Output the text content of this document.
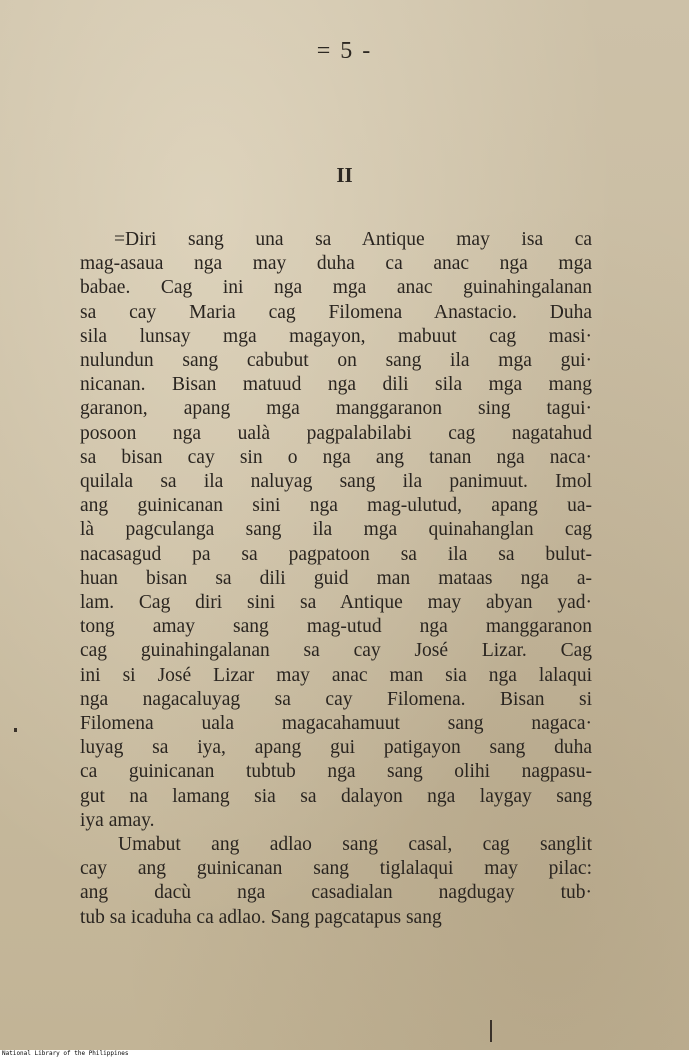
= 5 -
II
=Diri sang una sa Antique may isa ca
mag-asaua nga may duha ca anac nga mga
babae. Cag ini nga mga anac guinahingalanan
sa cay Maria cag Filomena Anastacio. Duha
sila lunsay mga magayon, mabuut cag masi·
nulundun sang cabubut on sang ila mga gui·
nicanan. Bisan matuud nga dili sila mga mang
garanon, apang mga manggaranon sing tagui·
posoon nga ualà pagpalabilabi cag nagatahud
sa bisan cay sin o nga ang tanan nga naca·
quilala sa ila naluyag sang ila panimuut. Imol
ang guinicanan sini nga mag-ulutud, apang ua-
là pagculanga sang ila mga quinahanglan cag
nacasagud pa sa pagpatoon sa ila sa bulut-
huan bisan sa dili guid man mataas nga a-
lam. Cag diri sini sa Antique may abyan yad·
tong amay sang mag-utud nga manggaranon
cag guinahingalanan sa cay José Lizar. Cag
ini si José Lizar may anac man sia nga lalaqui
nga nagacaluyag sa cay Filomena. Bisan si
Filomena uala magacahamuut sang nagaca·
luyag sa iya, apang gui patigayon sang duha
ca guinicanan tubtub nga sang olihi nagpasu-
gut na lamang sia sa dalayon nga laygay sang
iya amay.
Umabut ang adlao sang casal, cag sanglit
cay ang guinicanan sang tiglalaqui may pilac:
ang dacù nga casadialan nagdugay tub·
tub sa icaduha ca adlao. Sang pagcatapus sang
National Library of the Philippines
